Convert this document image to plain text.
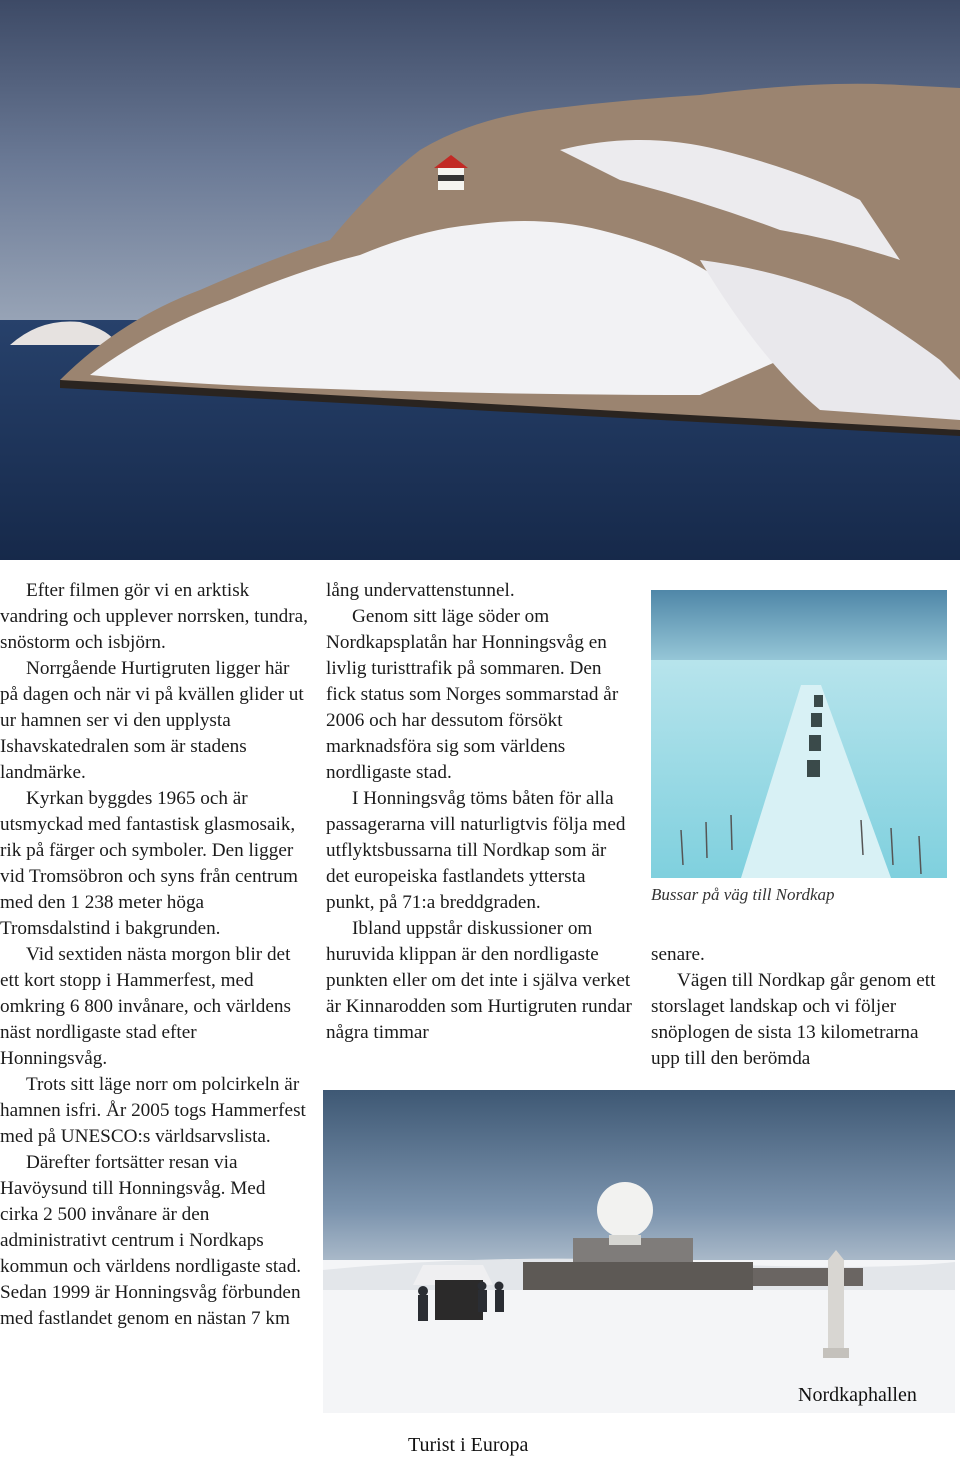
Efter filmen gör vi en arktisk vandring och upplever norrsken, tundra, snöstorm och isbjörn.

Norrgående Hurtigruten ligger här på dagen och när vi på kvällen glider ut ur hamnen ser vi den upplysta Ishavskatedralen som är stadens landmärke.

Kyrkan byggdes 1965 och är utsmyckad med fantastisk glasmosaik, rik på färger och symboler. Den ligger vid Tromsöbron och syns från centrum med den 1 238 meter höga Tromsdalstind i bakgrunden.

Vid sextiden nästa morgon blir det ett kort stopp i Hammerfest, med omkring 6 800 invånare, och världens näst nordligaste stad efter Honningsvåg.

Trots sitt läge norr om polcirkeln är hamnen isfri. År 2005 togs Hammerfest med på UNESCO:s världsarvslista.

Därefter fortsätter resan via Havöysund till Honningsvåg. Med cirka 2 500 invånare är den administrativt centrum i Nordkaps kommun och världens nordligaste stad. Sedan 1999 är Honningsvåg förbunden med fastlandet genom en nästan 7 km

lång undervattenstunnel.

Genom sitt läge söder om Nordkapsplatån har Honningsvåg en livlig turisttrafik på sommaren. Den fick status som Norges sommarstad år 2006 och har dessutom försökt marknadsföra sig som världens nordligaste stad.

I Honningsvåg töms båten för alla passagerarna vill naturligtvis följa med utflyktsbussarna till Nordkap som är det europeiska fastlandets yttersta punkt, på 71:a breddgraden.

Ibland uppstår diskussioner om huruvida klippan är den nordligaste punkten eller om det inte i själva verket är Kinnarodden som Hurtigruten rundar några timmar

Bussar på väg till Nordkap

senare.

Vägen till Nordkap går genom ett storslaget landskap och vi följer snöplogen de sista 13 kilometrarna upp till den berömda

Nordkaphallen
Turist i Europa
